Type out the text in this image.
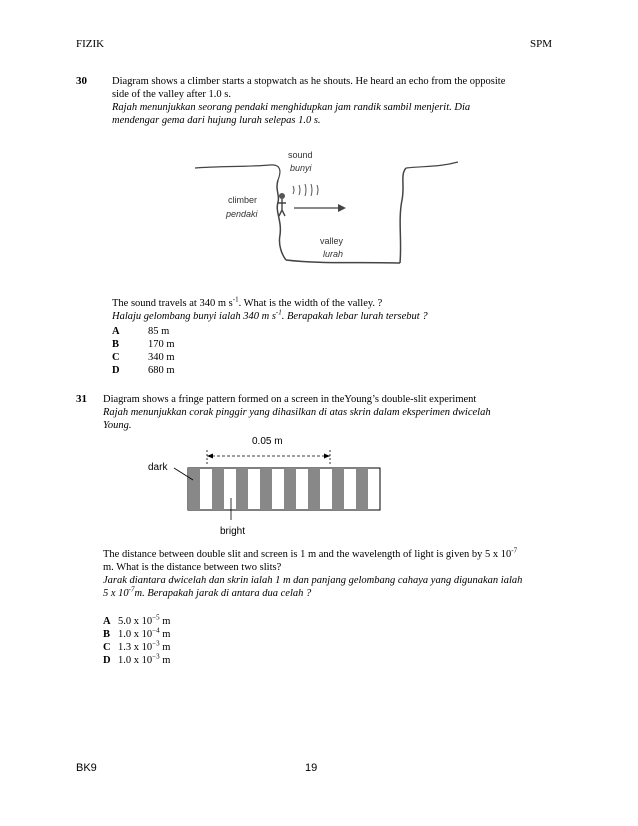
FIZIK	SPM
30 Diagram shows a climber starts a stopwatch as he shouts. He heard an echo from the opposite
side of the valley after 1.0 s.
Rajah menunjukkan seorang pendaki menghidupkan jam randik sambil menjerit. Dia
mendengar gema dari hujung lurah selepas 1.0 s.
sound
bunyi
climber
pendaki
valley
lurah
The sound travels at 340 m $s^{-1}$. What is the width of the valley. ?
Halaju gelombang bunyi ialah 340 m $s^{-1}$. Berapakah lebar lurah tersebut ?
A	85 m
B	170 m
C	340 m
D	680 m
31 Diagram shows a fringe pattern formed on a screen in theYoung’s double-slit experiment
Rajah menunjukkan corak pinggir yang dihasilkan di atas skrin dalam eksperimen dwicelah
Young.
0.05 m
dark
bright
The distance between double slit and screen is 1 m and the wavelength of light is given by 5 x $10^{-7}$
m. What is the distance between two slits?
Jarak diantara dwicelah dan skrin ialah 1 m dan panjang gelombang cahaya yang digunakan ialah
5 x $10^{-7}m$. Berapakah jarak di antara dua celah ?
A 5.0 x $10^{-5}$ m
B 1.0 x $10^{-4}$ m
C 1.3 x $10^{-3}$ m
D 1.0 x $10^{-3}$ m
BK9	19
